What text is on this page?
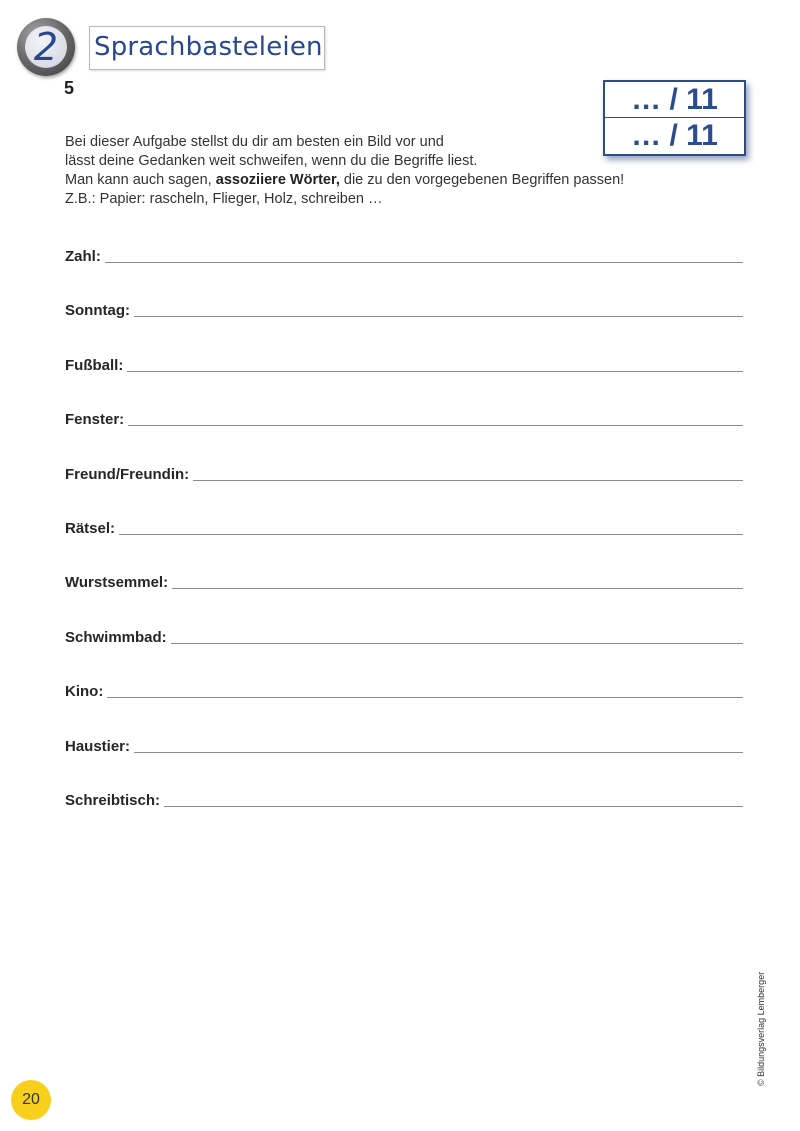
2	Sprachbasteleien
5	… / 11
… / 11

Bei dieser Aufgabe stellst du dir am besten ein Bild vor und

lässt deine Gedanken weit schweifen, wenn du die Begriffe liest.

Man kann auch sagen, assoziiere Wörter, die zu den vorgegebenen Begriffen passen!

Z.B.: Papier: rascheln, Flieger, Holz, schreiben …

Zahl:
Sonntag:
Fußball:
Fenster:
Freund/Freundin:
Rätsel:
Wurstsemmel:
Schwimmbad:
Kino:
Haustier:
Schreibtisch:
© Bildungsverlag Lemberger
20
